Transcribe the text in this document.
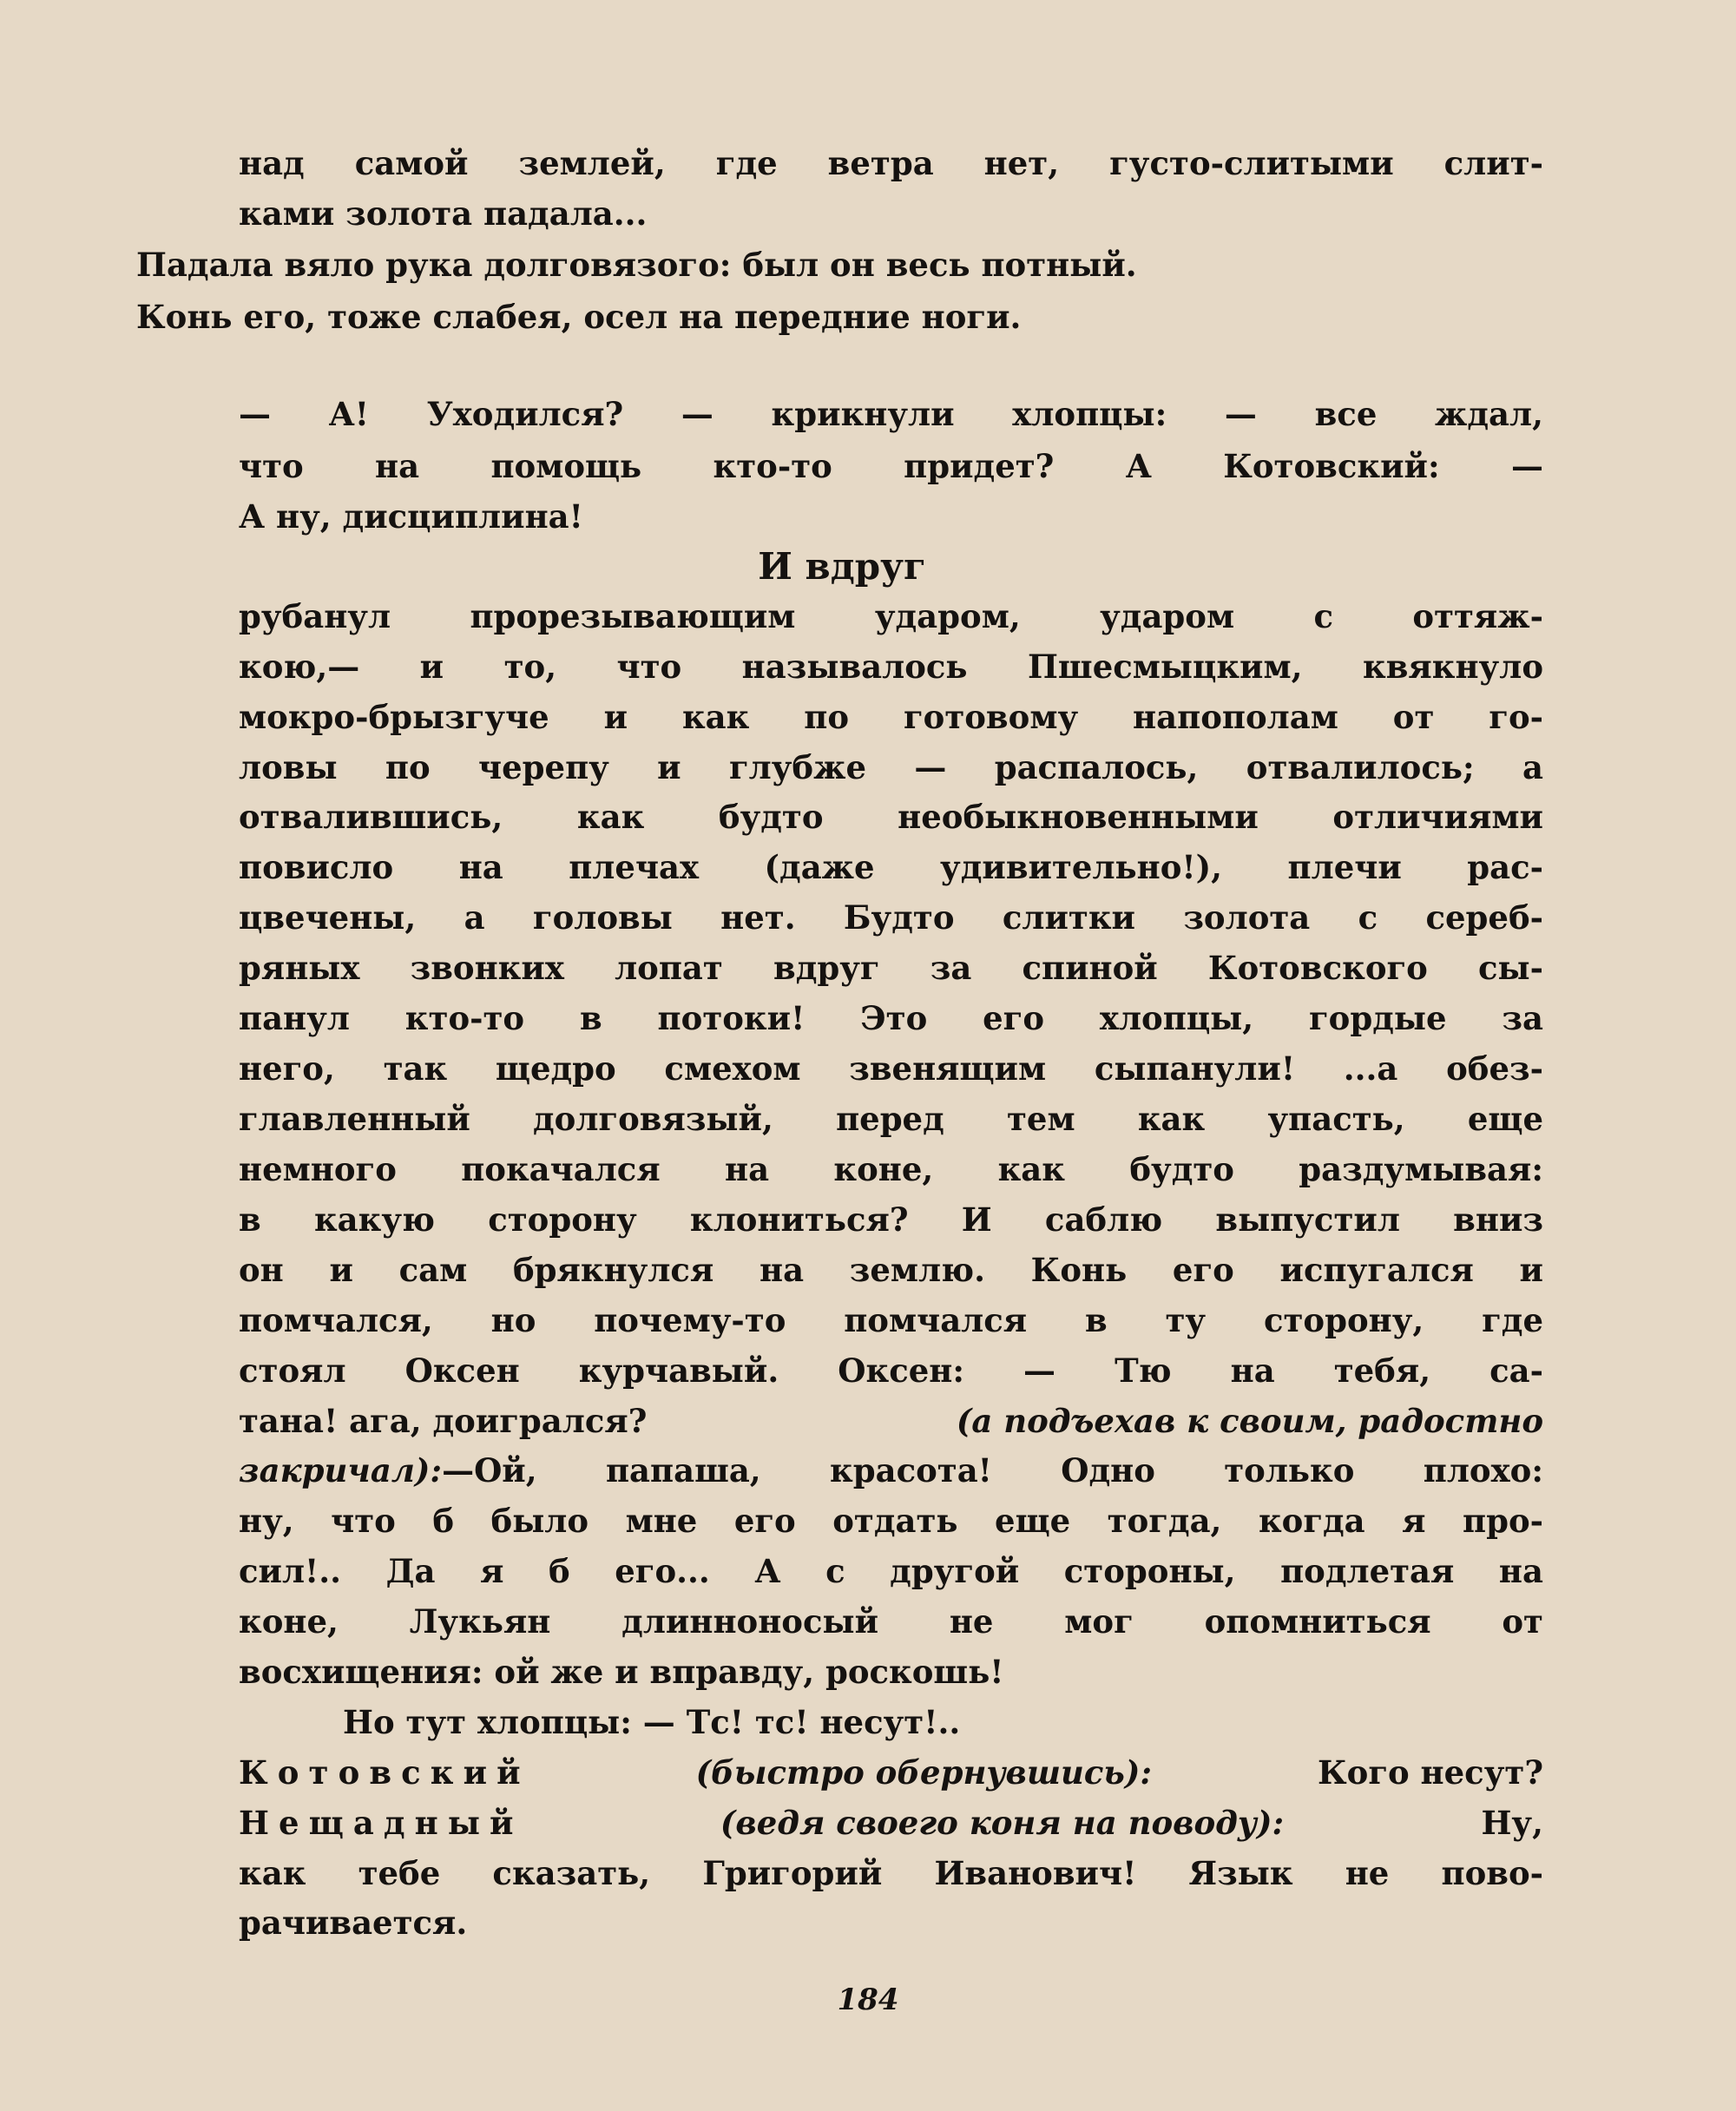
над самой землей, где ветра нет, густо-слитыми слит-
ками золота падала...
Падала вяло рука долговязого: был он весь потный.
Конь его, тоже слабея, осел на передние ноги.
— А! Уходился? — крикнули хлопцы: — все ждал,
что на помощь кто-то придет? А Котовский: —
А ну, дисциплина!
И вдруг
рубанул прорезывающим ударом, ударом с оттяж-
кою,— и то, что называлось Пшесмыцким, квякнуло
мокро-брызгуче и как по готовому напополам от го-
ловы по черепу и глубже — распалось, отвалилось; а
отвалившись, как будто необыкновенными отличиями
повисло на плечах (даже удивительно!), плечи рас-
цвечены, а головы нет. Будто слитки золота с сереб-
ряных звонких лопат вдруг за спиной Котовского сы-
панул кто-то в потоки! Это его хлопцы, гордые за
него, так щедро смехом звенящим сыпанули! ...а обез-
главленный долговязый, перед тем как упасть, еще
немного покачался на коне, как будто раздумывая:
в какую сторону клониться? И саблю выпустил вниз
он и сам брякнулся на землю. Конь его испугался и
помчался, но почему-то помчался в ту сторону, где
стоял Оксен курчавый. Оксен: — Тю на тебя, са-
тана! ага, доигрался?	(а подъехав к своим, радостно
закричал): —Ой, папаша, красота! Одно только плохо:
ну, что б было мне его отдать еще тогда, когда я про-
сил!.. Да я б его... А с другой стороны, подлетая на
коне, Лукьян длинноносый не мог опомниться от
восхищения: ой же и вправду, роскошь!
Но тут хлопцы: — Тс! тс! несут!..
Котовский	(быстро обернувшись):	Кого несут?
Нещадный	(ведя своего коня на поводу):	Ну,
как тебе сказать, Григорий Иванович! Язык не пово-
рачивается.
184
